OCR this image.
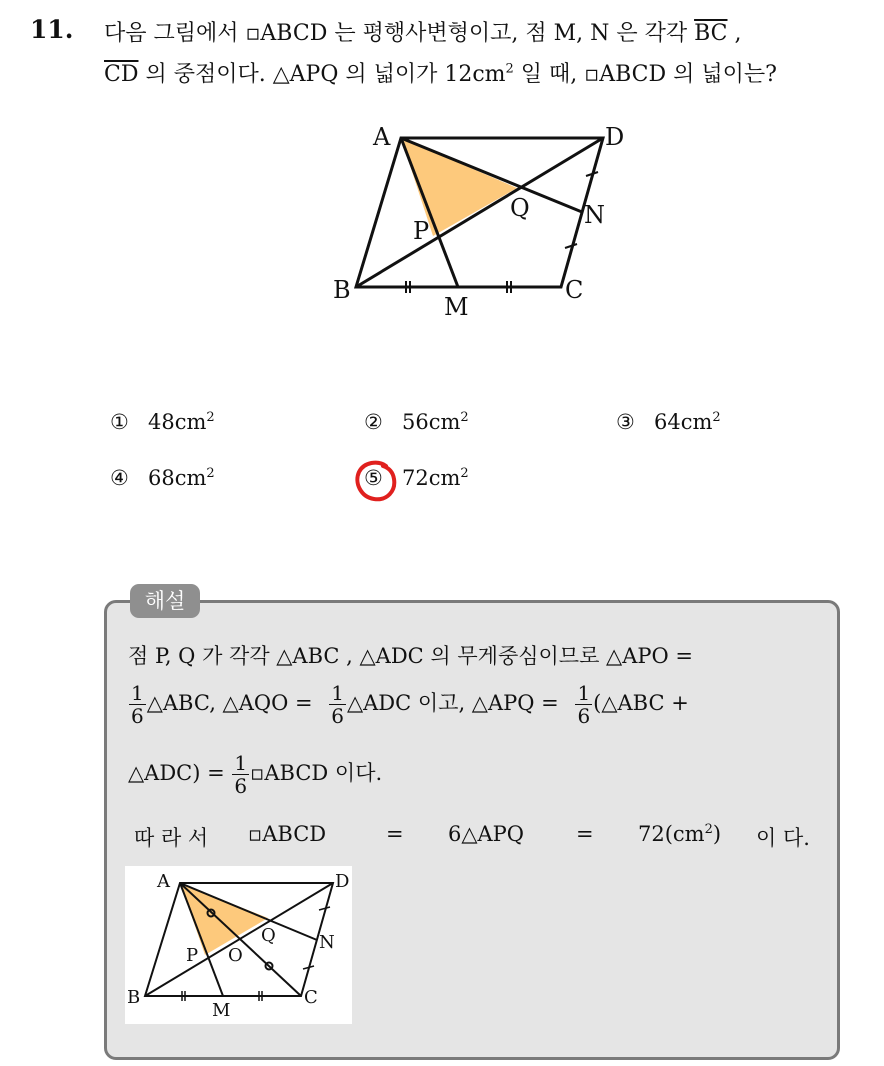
11. 다음 그림에서 ▫ABCD 는 평행사변형이고, 점 M, N 은 각각 $\overline{BC}$ ,
$\overline{CD}$ 의 중점이다. △APQ 의 넓이가 $12cm^2$ 일 때, ▫ABCD 의 넓이는?
A	D
B	C
M
N
P
Q
① $48cm^2$	② $56cm^2$	③ $64cm^2$
④ $68cm^2$	⑤ $72cm^2$
해설
점 P, Q 가 각각 △ABC , △ADC 의 무게중심이므로 △APO =
$\frac{1}{6}$ △ABC, △AQO = $\frac{1}{6}$ △ADC 이고, △APQ = $\frac{1}{6}$ (△ABC +
△ADC) = $\frac{1}{6}$ ▫ABCD 이다.
따 라 서 ▫ABCD	= 6△APQ = $72(cm^2)$ 이 다.
A	D
B	C
M
N
P
Q
O
